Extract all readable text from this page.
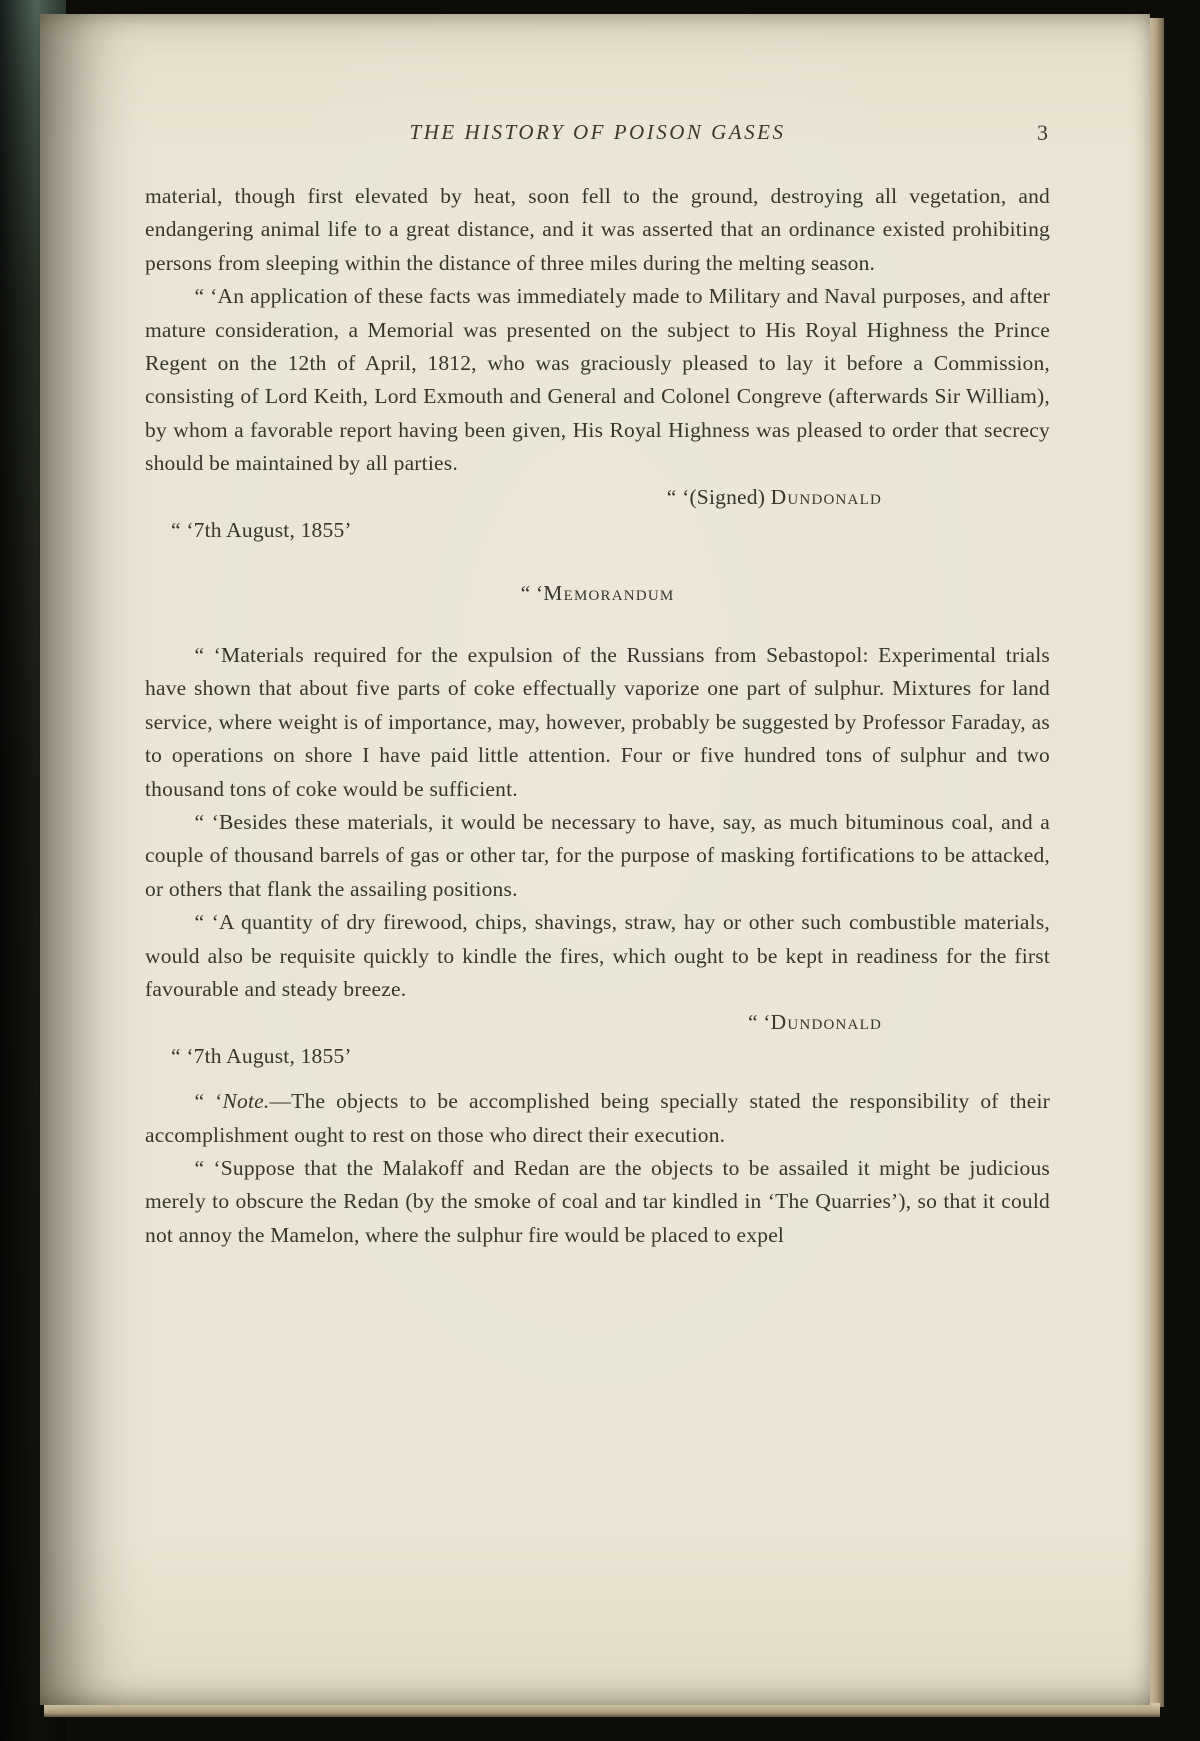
THE HISTORY OF POISON GASES	3

material, though first elevated by heat, soon fell to the ground, destroying all vegetation, and endangering animal life to a great distance, and it was asserted that an ordinance existed prohibiting persons from sleeping within the distance of three miles during the melting season.

“ ‘An application of these facts was immediately made to Military and Naval purposes, and after mature consideration, a Memorial was presented on the subject to His Royal Highness the Prince Regent on the 12th of April, 1812, who was graciously pleased to lay it before a Commission, consisting of Lord Keith, Lord Exmouth and General and Colonel Congreve (afterwards Sir William), by whom a favorable report having been given, His Royal Highness was pleased to order that secrecy should be maintained by all parties.

“ ‘(Signed) Dundonald

“ ‘7th August, 1855’

“ ‘Memorandum

“ ‘Materials required for the expulsion of the Russians from Sebastopol: Experimental trials have shown that about five parts of coke effectually vaporize one part of sulphur. Mixtures for land service, where weight is of importance, may, however, probably be suggested by Professor Faraday, as to operations on shore I have paid little attention. Four or five hundred tons of sulphur and two thousand tons of coke would be sufficient.

“ ‘Besides these materials, it would be necessary to have, say, as much bituminous coal, and a couple of thousand barrels of gas or other tar, for the purpose of masking fortifications to be attacked, or others that flank the assailing positions.

“ ‘A quantity of dry firewood, chips, shavings, straw, hay or other such combustible materials, would also be requisite quickly to kindle the fires, which ought to be kept in readiness for the first favourable and steady breeze.

“ ‘Dundonald

“ ‘7th August, 1855’

“ ‘Note.—The objects to be accomplished being specially stated the responsibility of their accomplishment ought to rest on those who direct their execution.

“ ‘Suppose that the Malakoff and Redan are the objects to be assailed it might be judicious merely to obscure the Redan (by the smoke of coal and tar kindled in ‘The Quarries’), so that it could not annoy the Mamelon, where the sulphur fire would be placed to expel
